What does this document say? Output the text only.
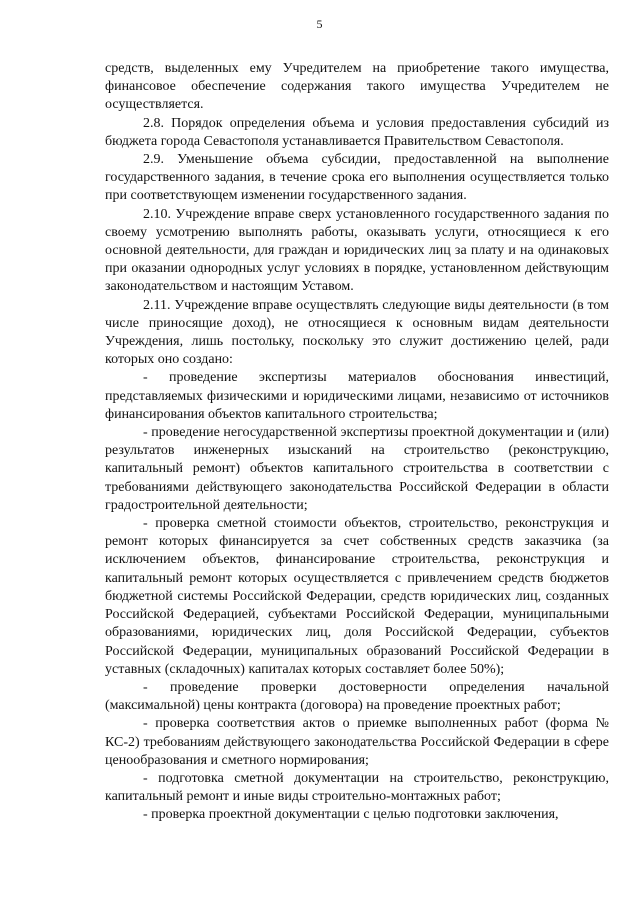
5

средств, выделенных ему Учредителем на приобретение такого имущества, финансовое обеспечение содержания такого имущества Учредителем не осуществляется.

2.8. Порядок определения объема и условия предоставления субсидий из бюджета города Севастополя устанавливается Правительством Севастополя.

2.9. Уменьшение объема субсидии, предоставленной на выполнение государственного задания, в течение срока его выполнения осуществляется только при соответствующем изменении государственного задания.

2.10. Учреждение вправе сверх установленного государственного задания по своему усмотрению выполнять работы, оказывать услуги, относящиеся к его основной деятельности, для граждан и юридических лиц за плату и на одинаковых при оказании однородных услуг условиях в порядке, установленном действующим законодательством и настоящим Уставом.

2.11. Учреждение вправе осуществлять следующие виды деятельности (в том числе приносящие доход), не относящиеся к основным видам деятельности Учреждения, лишь постольку, поскольку это служит достижению целей, ради которых оно создано:

- проведение экспертизы материалов обоснования инвестиций, представляемых физическими и юридическими лицами, независимо от источников финансирования объектов капитального строительства;

- проведение негосударственной экспертизы проектной документации и (или) результатов инженерных изысканий на строительство (реконструкцию, капитальный ремонт) объектов капитального строительства в соответствии с требованиями действующего законодательства Российской Федерации в области градостроительной деятельности;

- проверка сметной стоимости объектов, строительство, реконструкция и ремонт которых финансируется за счет собственных средств заказчика (за исключением объектов, финансирование строительства, реконструкция и капитальный ремонт которых осуществляется с привлечением средств бюджетов бюджетной системы Российской Федерации, средств юридических лиц, созданных Российской Федерацией, субъектами Российской Федерации, муниципальными образованиями, юридических лиц, доля Российской Федерации, субъектов Российской Федерации, муниципальных образований Российской Федерации в уставных (складочных) капиталах которых составляет более 50%);

- проведение проверки достоверности определения начальной (максимальной) цены контракта (договора) на проведение проектных работ;

- проверка соответствия актов о приемке выполненных работ (форма № КС-2) требованиям действующего законодательства Российской Федерации в сфере ценообразования и сметного нормирования;

- подготовка сметной документации на строительство, реконструкцию, капитальный ремонт и иные виды строительно-монтажных работ;

- проверка проектной документации с целью подготовки заключения,
